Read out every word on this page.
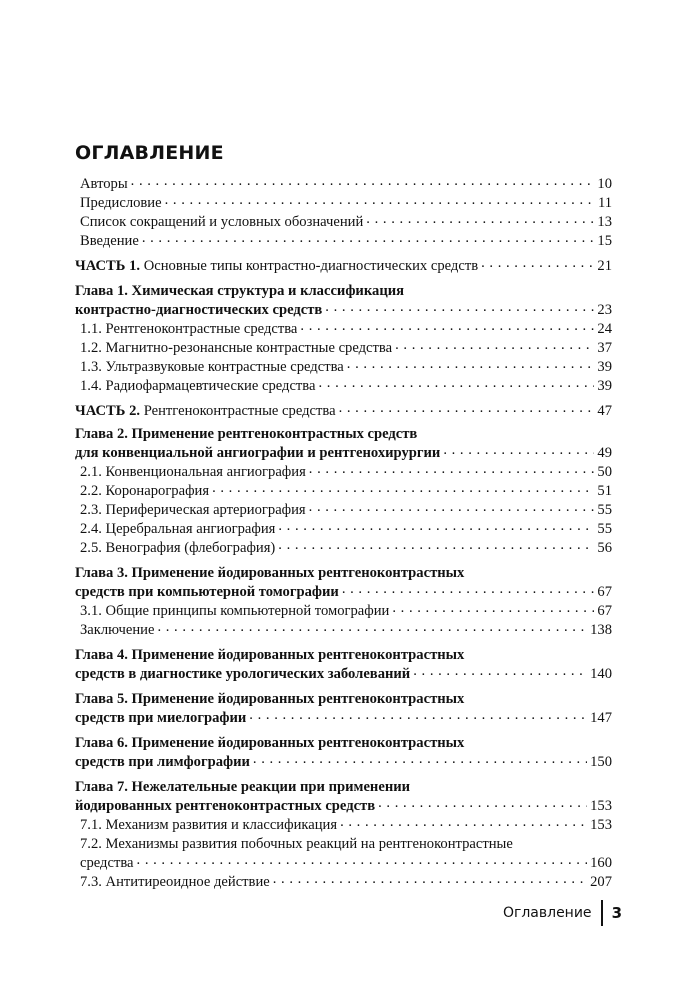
ОГЛАВЛЕНИЕ
Авторы . . .	10
Предисловие . . .	11
Список сокращений и условных обозначений . . .	13
Введение . . .	15
ЧАСТЬ 1. Основные типы контрастно-диагностических средств . . .	21
Глава 1. Химическая структура и классификация
контрастно-диагностических средств . . .	23
1.1. Рентгеноконтрастные средства . . .	24
1.2. Магнитно-резонансные контрастные средства . . .	37
1.3. Ультразвуковые контрастные средства . . .	39
1.4. Радиофармацевтические средства . . .	39
ЧАСТЬ 2. Рентгеноконтрастные средства . . .	47
Глава 2. Применение рентгеноконтрастных средств
для конвенциальной ангиографии и рентгенохирургии . . .	49
2.1. Конвенциональная ангиография . . .	50
2.2. Коронарография . . .	51
2.3. Периферическая артериография . . .	55
2.4. Церебральная ангиография . . .	55
2.5. Венография (флебография) . . .	56
Глава 3. Применение йодированных рентгеноконтрастных
средств при компьютерной томографии . . .	67
3.1. Общие принципы компьютерной томографии . . .	67
Заключение . . .	138
Глава 4. Применение йодированных рентгеноконтрастных
средств в диагностике урологических заболеваний . . .	140
Глава 5. Применение йодированных рентгеноконтрастных
средств при миелографии . . .	147
Глава 6. Применение йодированных рентгеноконтрастных
средств при лимфографии . . .	150
Глава 7. Нежелательные реакции при применении
йодированных рентгеноконтрастных средств . . .	153
7.1. Механизм развития и классификация . . .	153
7.2. Механизмы развития побочных реакций на рентгеноконтрастные
средства . . .	160
7.3. Антитиреоидное действие . . .	207
Оглавление 3
